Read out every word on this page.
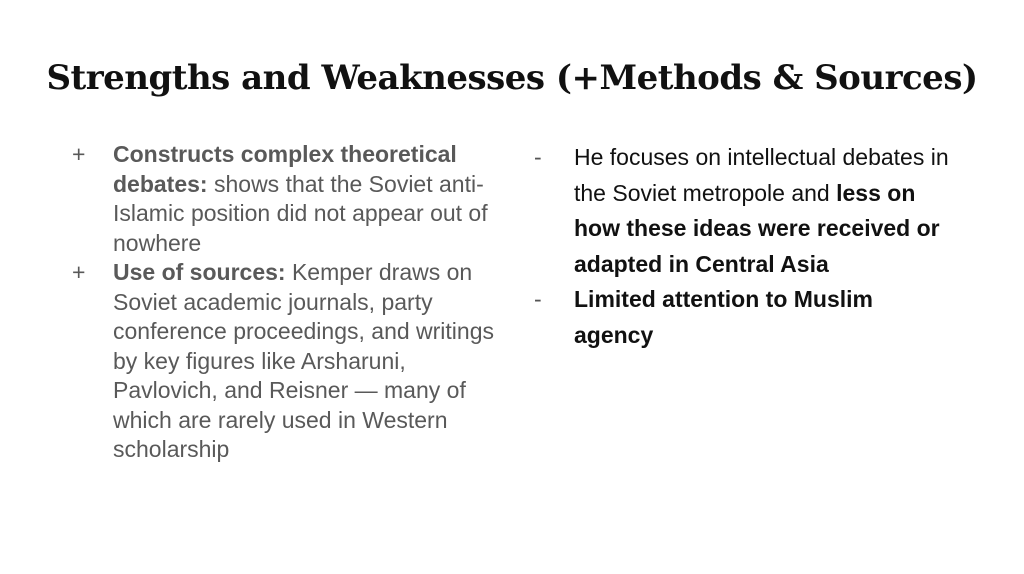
Strengths and Weaknesses (+Methods & Sources)
+	Constructs complex theoretical debates: shows that the Soviet anti-Islamic position did not appear out of nowhere
+	Use of sources: Kemper draws on Soviet academic journals, party conference proceedings, and writings by key figures like Arsharuni, Pavlovich, and Reisner — many of which are rarely used in Western scholarship
-	He focuses on intellectual debates in the Soviet metropole and less on how these ideas were received or adapted in Central Asia
-	Limited attention to Muslim agency
